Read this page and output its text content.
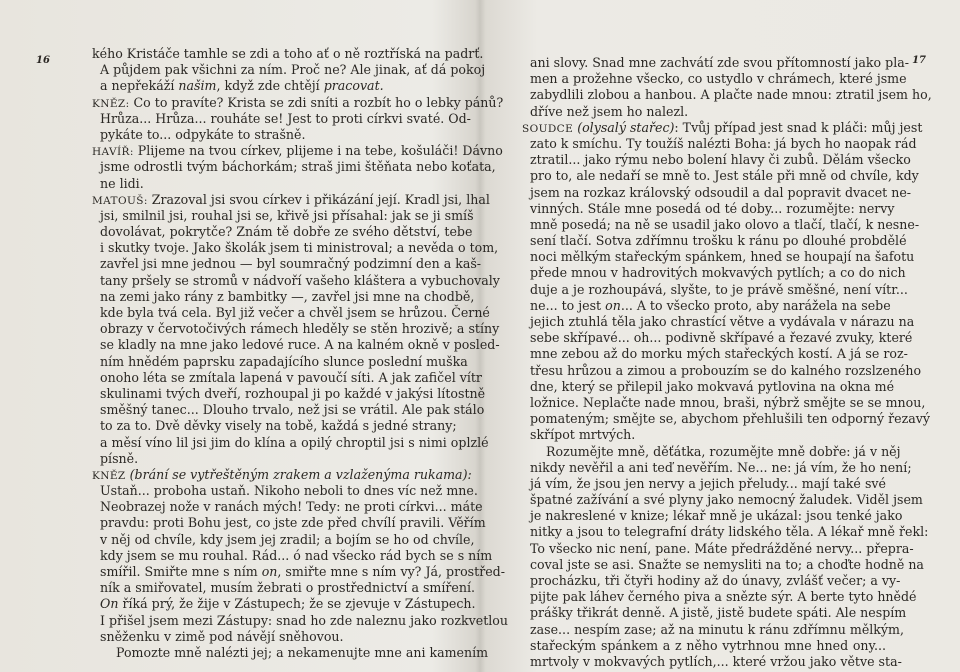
16	kého Kristáče tamhle se zdi a toho ať o ně roztříská na padrť.
A půjdem pak všichni za ním. Proč ne? Ale jinak, ať dá pokoj
a nepřekáží našim, když zde chtějí pracovat.
KNĚZ: Co to pravíte? Krista se zdi sníti a rozbít ho o lebky pánů?
Hrůza... Hrůza... rouháte se! Jest to proti církvi svaté. Od-
pykáte to... odpykáte to strašně.
HAVÍŘ: Plijeme na tvou církev, plijeme i na tebe, košuláči! Dávno
jsme odrostli tvým báchorkám; straš jimi štěňata nebo koťata,
ne lidi.
MATOUŠ: Zrazoval jsi svou církev i přikázání její. Kradl jsi, lhal
jsi, smilnil jsi, rouhal jsi se, křivě jsi přísahal: jak se ji smíš
dovolávat, pokrytče? Znám tě dobře ze svého dětství, tebe
i skutky tvoje. Jako školák jsem ti ministroval; a nevěda o tom,
zavřel jsi mne jednou — byl soumračný podzimní den a kaš-
tany pršely se stromů v nádvoří vašeho kláštera a vybuchovaly
na zemi jako rány z bambitky —, zavřel jsi mne na chodbě,
kde byla tvá cela. Byl již večer a chvěl jsem se hrůzou. Černé
obrazy v červotočivých rámech hleděly se stěn hrozivě; a stíny
se kladly na mne jako ledové ruce. A na kalném okně v posled-
ním hnědém paprsku zapadajícího slunce poslední muška
onoho léta se zmítala lapená v pavoučí síti. A jak zafičel vítr
skulinami tvých dveří, rozhoupal ji po každé v jakýsi lítostně
směšný tanec... Dlouho trvalo, než jsi se vrátil. Ale pak stálo
to za to. Dvě děvky visely na tobě, každá s jedné strany;
a měsí víno lil jsi jim do klína a opilý chroptil jsi s nimi oplzlé
písně.
KNĚZ (brání se vytřeštěným zrakem a vzlaženýma rukama):
Ustaň... proboha ustaň. Nikoho neboli to dnes víc než mne.
Neobrazej nože v ranách mých! Tedy: ne proti církvi... máte
pravdu: proti Bohu jest, co jste zde před chvílí pravili. Věřím
v něj od chvíle, kdy jsem jej zradil; a bojím se ho od chvíle,
kdy jsem se mu rouhal. Rád... ó nad všecko rád bych se s ním
smířil. Smiřte mne s ním on, smiřte mne s ním vy? Já, prostřed-
ník a smiřovatel, musím žebrati o prostřednictví a smíření.
On říká prý, že žije v Zástupech; že se zjevuje v Zástupech.
I přišel jsem mezi Zástupy: snad ho zde naleznu jako rozkvetlou
sněženku v zimě pod návějí sněhovou.
Pomozte mně nalézti jej; a nekamenujte mne ani kamením
17
ani slovy. Snad mne zachvátí zde svou přítomností jako pla-
men a prožehne všecko, co ustydlo v chrámech, které jsme
zabydlili zlobou a hanbou. A plačte nade mnou: ztratil jsem ho,
dříve než jsem ho nalezl.
SOUDCE (olysalý stařec): Tvůj případ jest snad k pláči: můj jest
zato k smíchu. Ty toužíš nalézti Boha: já bych ho naopak rád
ztratil... jako rýmu nebo bolení hlavy či zubů. Dělám všecko
pro to, ale nedaří se mně to. Jest stále při mně od chvíle, kdy
jsem na rozkaz královský odsoudil a dal popravit dvacet ne-
vinných. Stále mne posedá od té doby... rozumějte: nervy
mně posedá; na ně se usadil jako olovo a tlačí, tlačí, k nesne-
sení tlačí. Sotva zdřímnu trošku k ránu po dlouhé probdělé
noci mělkým stařeckým spánkem, hned se houpají na šafotu
přede mnou v hadrovitých mokvavých pytlích; a co do nich
duje a je rozhoupává, slyšte, to je právě směšné, není vítr...
ne... to jest on... A to všecko proto, aby narážela na sebe
jejich ztuhlá těla jako chrastící větve a vydávala v nárazu na
sebe skřípavé... oh... podivně skřípavé a řezavé zvuky, které
mne zebou až do morku mých stařeckých kostí. A já se roz-
třesu hrůzou a zimou a probouzím se do kalného rozslzeného
dne, který se přilepil jako mokvavá pytlovina na okna mé
ložnice. Neplačte nade mnou, braši, nýbrž smějte se se mnou,
pomateným; smějte se, abychom přehlušili ten odporný řezavý
skřípot mrtvých.
Rozumějte mně, děťátka, rozumějte mně dobře: já v něj
nikdy nevěřil a ani teď nevěřím. Ne... ne: já vím, že ho není;
já vím, že jsou jen nervy a jejich přeludy... mají také své
špatné zažívání a své plyny jako nemocný žaludek. Viděl jsem
je nakreslené v knize; lékař mně je ukázal: jsou tenké jako
nitky a jsou to telegrafní dráty lidského těla. A lékař mně řekl:
To všecko nic není, pane. Máte předrážděné nervy... přepra-
coval jste se asi. Snažte se nemysliti na to; a choďte hodně na
procházku, tři čtyři hodiny až do únavy, zvlášť večer; a vy-
pijte pak láhev černého piva a snězte sýr. A berte tyto hnědé
prášky třikrát denně. A jistě, jistě budete spáti. Ale nespím
zase... nespím zase; až na minutu k ránu zdřímnu mělkým,
stařeckým spánkem a z něho vytrhnou mne hned ony...
mrtvoly v mokvavých pytlích,... které vržou jako větve sta-
